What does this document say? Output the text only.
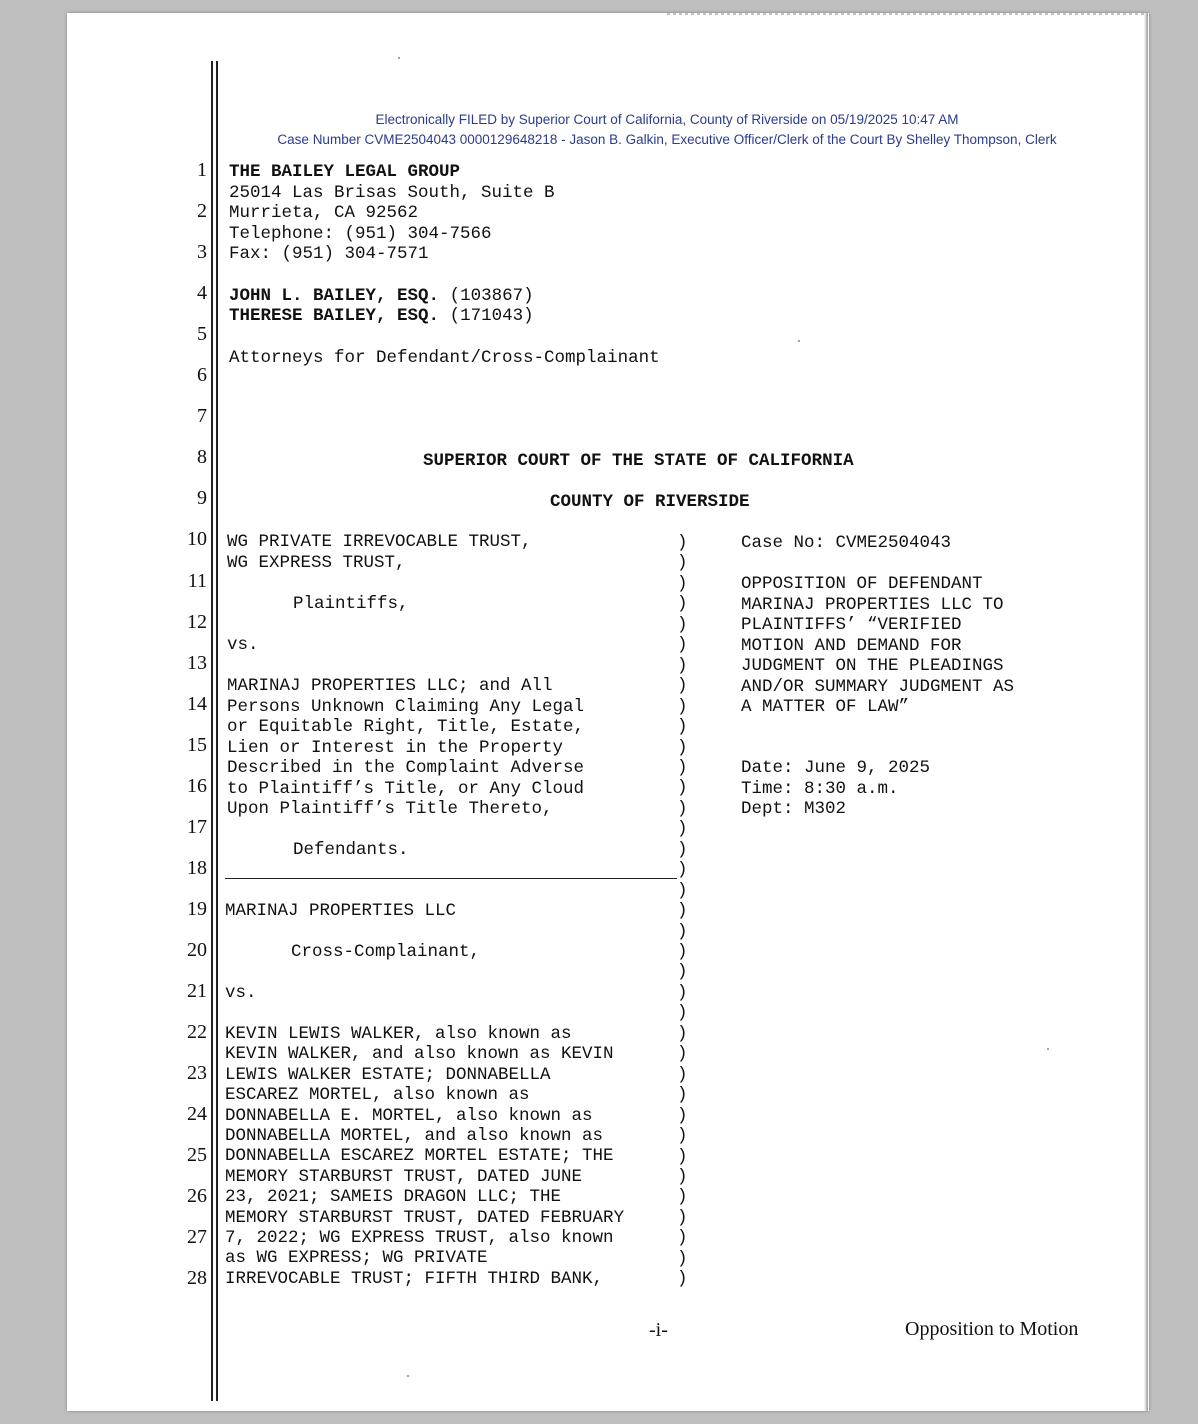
Electronically FILED by Superior Court of California, County of Riverside on 05/19/2025 10:47 AM
Case Number CVME2504043 0000129648218 - Jason B. Galkin, Executive Officer/Clerk of the Court By Shelley Thompson, Clerk
1
2
3
4
5
6
7
8
9
10
11
12
13
14
15
16
17
18
19
20
21
22
23
24
25
26
27
28
THE BAILEY LEGAL GROUP
25014 Las Brisas South, Suite B
Murrieta, CA 92562
Telephone: (951) 304-7566
Fax: (951) 304-7571
JOHN L. BAILEY, ESQ. (103867)
THERESE BAILEY, ESQ. (171043)
Attorneys for Defendant/Cross-Complainant
SUPERIOR COURT OF THE STATE OF CALIFORNIA
COUNTY OF RIVERSIDE
WG PRIVATE IRREVOCABLE TRUST,
WG EXPRESS TRUST,
Plaintiffs,
vs.
MARINAJ PROPERTIES LLC; and All
Persons Unknown Claiming Any Legal
or Equitable Right, Title, Estate,
Lien or Interest in the Property
Described in the Complaint Adverse
to Plaintiff’s Title, or Any Cloud
Upon Plaintiff’s Title Thereto,
Defendants.
MARINAJ PROPERTIES LLC
Cross-Complainant,
vs.
KEVIN LEWIS WALKER, also known as
KEVIN WALKER, and also known as KEVIN
LEWIS WALKER ESTATE; DONNABELLA
ESCAREZ MORTEL, also known as
DONNABELLA E. MORTEL, also known as
DONNABELLA MORTEL, and also known as
DONNABELLA ESCAREZ MORTEL ESTATE; THE
MEMORY STARBURST TRUST, DATED JUNE
23, 2021; SAMEIS DRAGON LLC; THE
MEMORY STARBURST TRUST, DATED FEBRUARY
7, 2022; WG EXPRESS TRUST, also known
as WG EXPRESS; WG PRIVATE
IRREVOCABLE TRUST; FIFTH THIRD BANK,
)
)
)
)
)
)
)
)
)
)
)
)
)
)
)
)
)
)
)
)
)
)
)
)
)
)
)
)
)
)
)
)
)
)
)
)
)
Case No: CVME2504043
OPPOSITION OF DEFENDANT
MARINAJ PROPERTIES LLC TO
PLAINTIFFS’ “VERIFIED
MOTION AND DEMAND FOR
JUDGMENT ON THE PLEADINGS
AND/OR SUMMARY JUDGMENT AS
A MATTER OF LAW”
Date: June 9, 2025
Time: 8:30 a.m.
Dept: M302
-i-	Opposition to Motion
